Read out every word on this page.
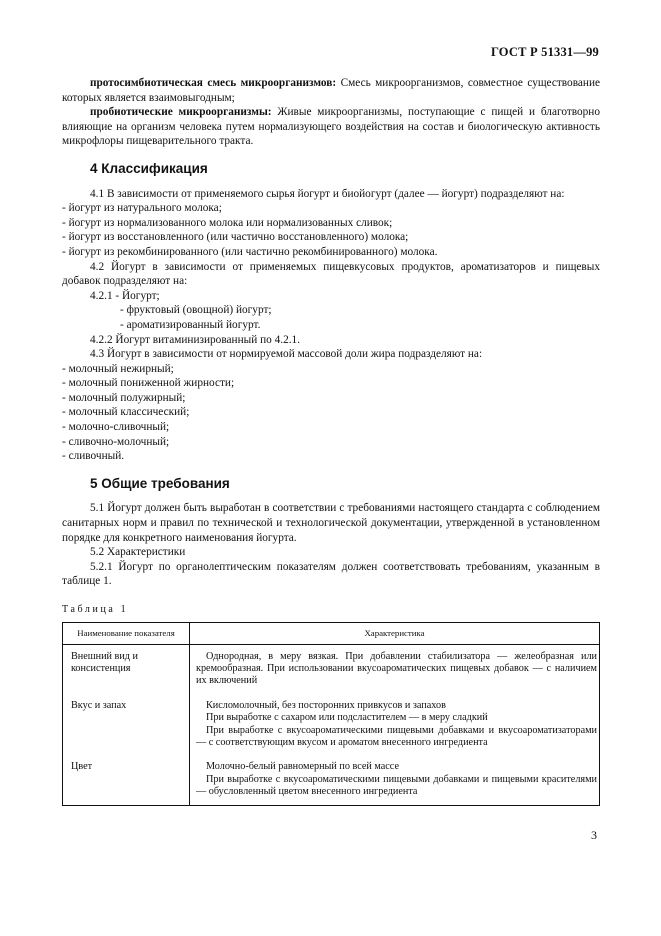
ГОСТ Р 51331—99

протосимбиотическая смесь микроорганизмов: Смесь микроорганизмов, совместное существование которых является взаимовыгодным;

пробиотические микроорганизмы: Живые микроорганизмы, поступающие с пищей и благотворно влияющие на организм человека путем нормализующего воздействия на состав и биологическую активность микрофлоры пищеварительного тракта.

4 Классификация

4.1 В зависимости от применяемого сырья йогурт и биойогурт (далее — йогурт) подразделяют на:

- йогурт из натурального молока;

- йогурт из нормализованного молока или нормализованных сливок;

- йогурт из восстановленного (или частично восстановленного) молока;

- йогурт из рекомбинированного (или частично рекомбинированного) молока.

4.2 Йогурт в зависимости от применяемых пищевкусовых продуктов, ароматизаторов и пищевых добавок подразделяют на:

4.2.1 - Йогурт;

- фруктовый (овощной) йогурт;

- ароматизированный йогурт.

4.2.2 Йогурт витаминизированный по 4.2.1.

4.3 Йогурт в зависимости от нормируемой массовой доли жира подразделяют на:

- молочный нежирный;

- молочный пониженной жирности;

- молочный полужирный;

- молочный классический;

- молочно-сливочный;

- сливочно-молочный;

- сливочный.

5 Общие требования

5.1 Йогурт должен быть выработан в соответствии с требованиями настоящего стандарта с соблюдением санитарных норм и правил по технической и технологической документации, утвержденной в установленном порядке для конкретного наименования йогурта.

5.2 Характеристики

5.2.1 Йогурт по органолептическим показателям должен соответствовать требованиям, указанным в таблице 1.

Таблица 1
Наименование показателя	Характеристика
Внешний вид и консистенция	Однородная, в меру вязкая. При добавлении стабилизатора — желеобразная или кремообразная. При использовании вкусоароматических пищевых добавок — с наличием их включений

Вкус и запах	Кисломолочный, без посторонних привкусов и запахов
При выработке с сахаром или подсластителем — в меру сладкий
При выработке с вкусоароматическими пищевыми добавками и вкусоароматизаторами — с соответствующим вкусом и ароматом внесенного ингредиента

Цвет	Молочно-белый равномерный по всей массе
При выработке с вкусоароматическими пищевыми добавками и пищевыми красителями — обусловленный цветом внесенного ингредиента
3
